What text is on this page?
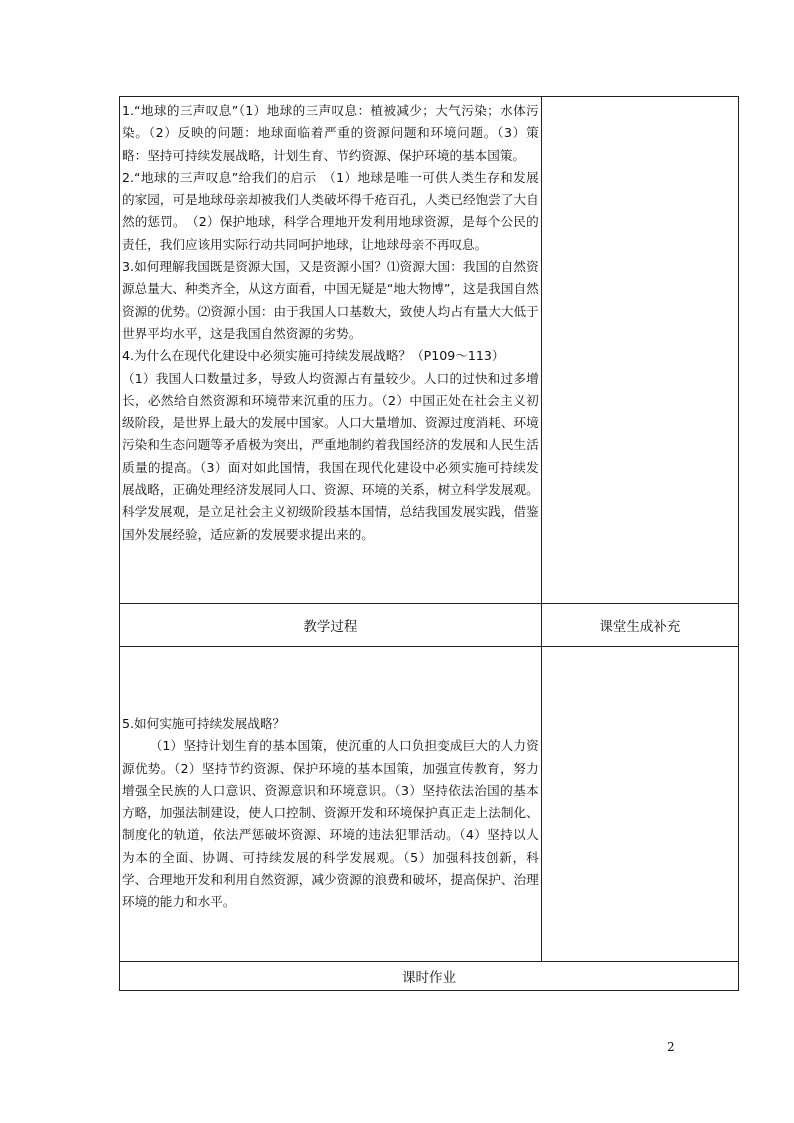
1.“地球的三声叹息”（1）地球的三声叹息：植被减少；大气污染；水体污染。（2）反映的问题：地球面临着严重的资源问题和环境问题。（3）策略：坚持可持续发展战略，计划生育、节约资源、保护环境的基本国策。

2.“地球的三声叹息”给我们的启示　（1）地球是唯一可供人类生存和发展的家园，可是地球母亲却被我们人类破坏得千疮百孔，人类已经饱尝了大自然的惩罚。　（2）保护地球，科学合理地开发利用地球资源，是每个公民的责任，我们应该用实际行动共同呵护地球，让地球母亲不再叹息。

3.如何理解我国既是资源大国，又是资源小国？⑴资源大国：我国的自然资源总量大、种类齐全，从这方面看，中国无疑是“地大物博”，这是我国自然资源的优势。⑵资源小国：由于我国人口基数大，致使人均占有量大大低于世界平均水平，这是我国自然资源的劣势。

4.为什么在现代化建设中必须实施可持续发展战略？（P109～113）

（1）我国人口数量过多，导致人均资源占有量较少。人口的过快和过多增长，必然给自然资源和环境带来沉重的压力。（2）中国正处在社会主义初级阶段，是世界上最大的发展中国家。人口大量增加、资源过度消耗、环境污染和生态问题等矛盾极为突出，严重地制约着我国经济的发展和人民生活质量的提高。（3）面对如此国情，我国在现代化建设中必须实施可持续发展战略，正确处理经济发展同人口、资源、环境的关系，树立科学发展观。科学发展观，是立足社会主义初级阶段基本国情，总结我国发展实践，借鉴国外发展经验，适应新的发展要求提出来的。	

教学过程	课堂生成补充

5.如何实施可持续发展战略？

（1）坚持计划生育的基本国策，使沉重的人口负担变成巨大的人力资源优势。（2）坚持节约资源、保护环境的基本国策，加强宣传教育，努力增强全民族的人口意识、资源意识和环境意识。（3）坚持依法治国的基本方略，加强法制建设，使人口控制、资源开发和环境保护真正走上法制化、制度化的轨道，依法严惩破坏资源、环境的违法犯罪活动。（4）坚持以人为本的全面、协调、可持续发展的科学发展观。（5）加强科技创新，科学、合理地开发和利用自然资源，减少资源的浪费和破坏，提高保护、治理环境的能力和水平。	

课时作业	
2
